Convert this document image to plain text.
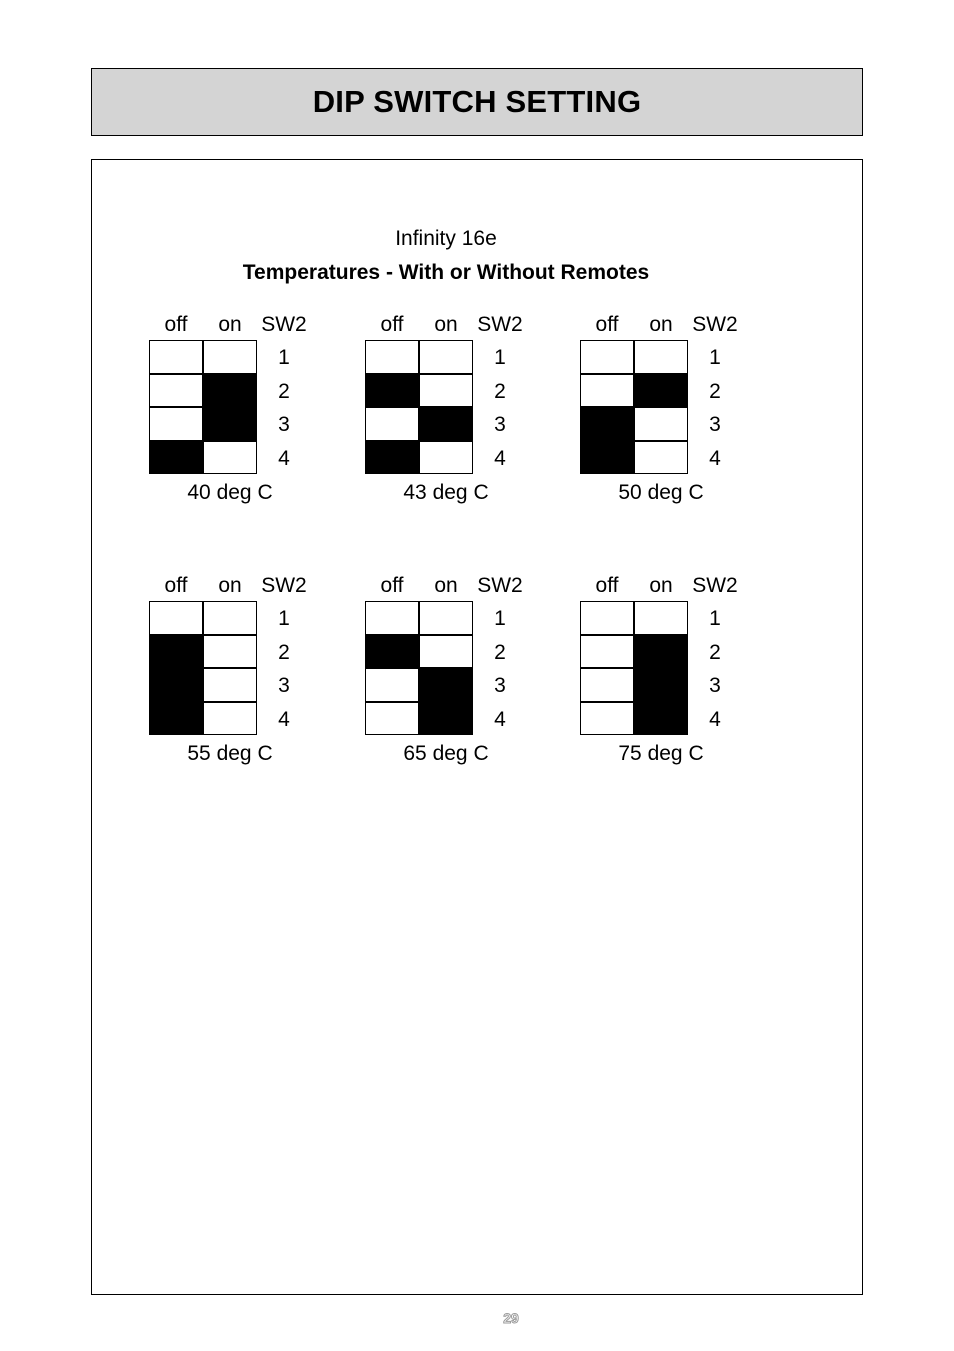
DIP SWITCH SETTING
Infinity 16e
Temperatures - With or Without Remotes
off	on SW2
1
2
3
4
40 deg C
off	on SW2
1
2
3
4
43 deg C
off	on SW2
1
2
3
4
50 deg C
off	on SW2
1
2
3
4
55 deg C
off	on SW2
1
2
3
4
65 deg C
off	on SW2
1
2
3
4
75 deg C
29
